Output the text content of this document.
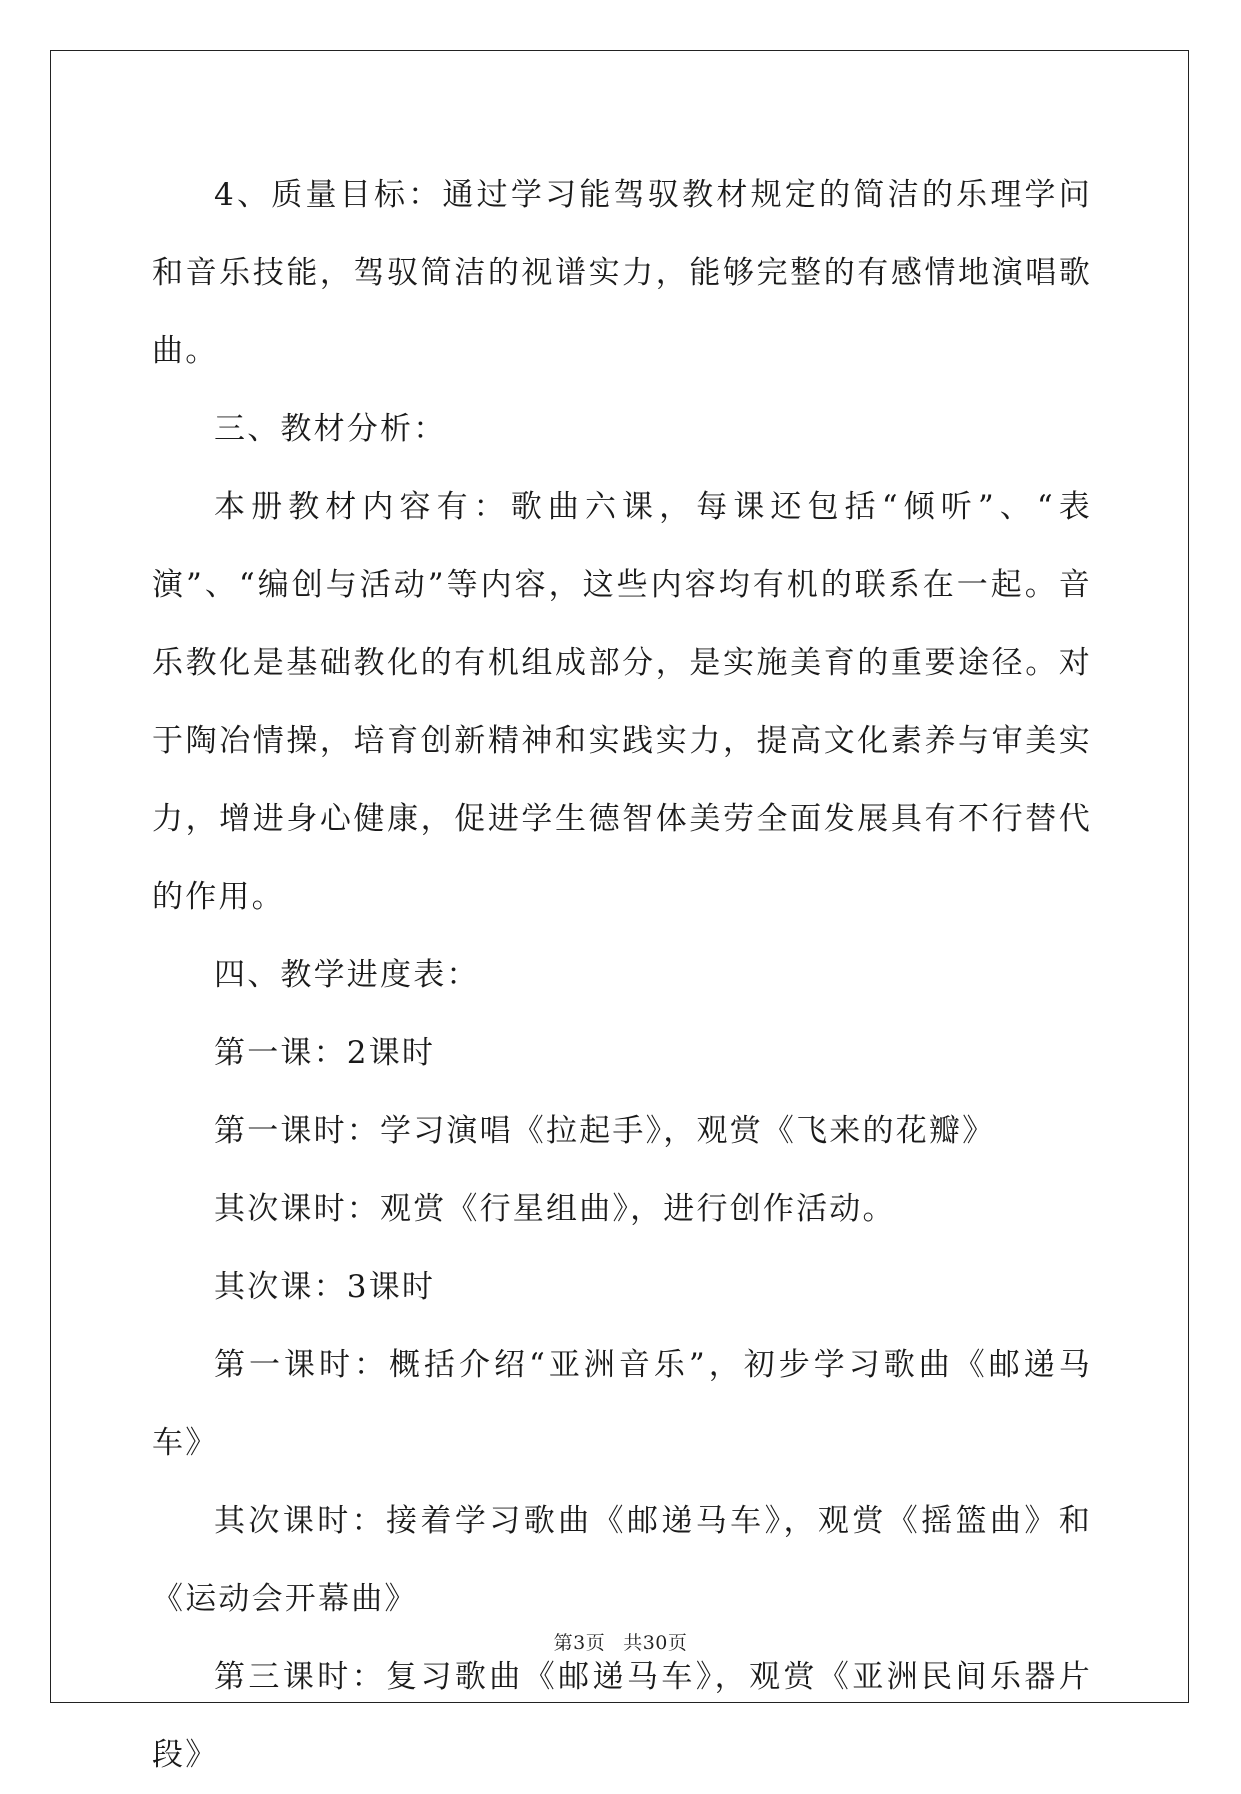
4、质量目标：通过学习能驾驭教材规定的简洁的乐理学问和音乐技能，驾驭简洁的视谱实力，能够完整的有感情地演唱歌曲。

三、教材分析：

本册教材内容有：歌曲六课，每课还包括“倾听”、“表演”、“编创与活动”等内容，这些内容均有机的联系在一起。音乐教化是基础教化的有机组成部分，是实施美育的重要途径。对于陶冶情操，培育创新精神和实践实力，提高文化素养与审美实力，增进身心健康，促进学生德智体美劳全面发展具有不行替代的作用。

四、教学进度表：

第一课：2课时

第一课时：学习演唱《拉起手》，观赏《飞来的花瓣》

其次课时：观赏《行星组曲》，进行创作活动。

其次课：3课时

第一课时：概括介绍“亚洲音乐”，初步学习歌曲《邮递马车》

其次课时：接着学习歌曲《邮递马车》，观赏《摇篮曲》和《运动会开幕曲》

第三课时：复习歌曲《邮递马车》，观赏《亚洲民间乐器片段》

第3页 共30页
